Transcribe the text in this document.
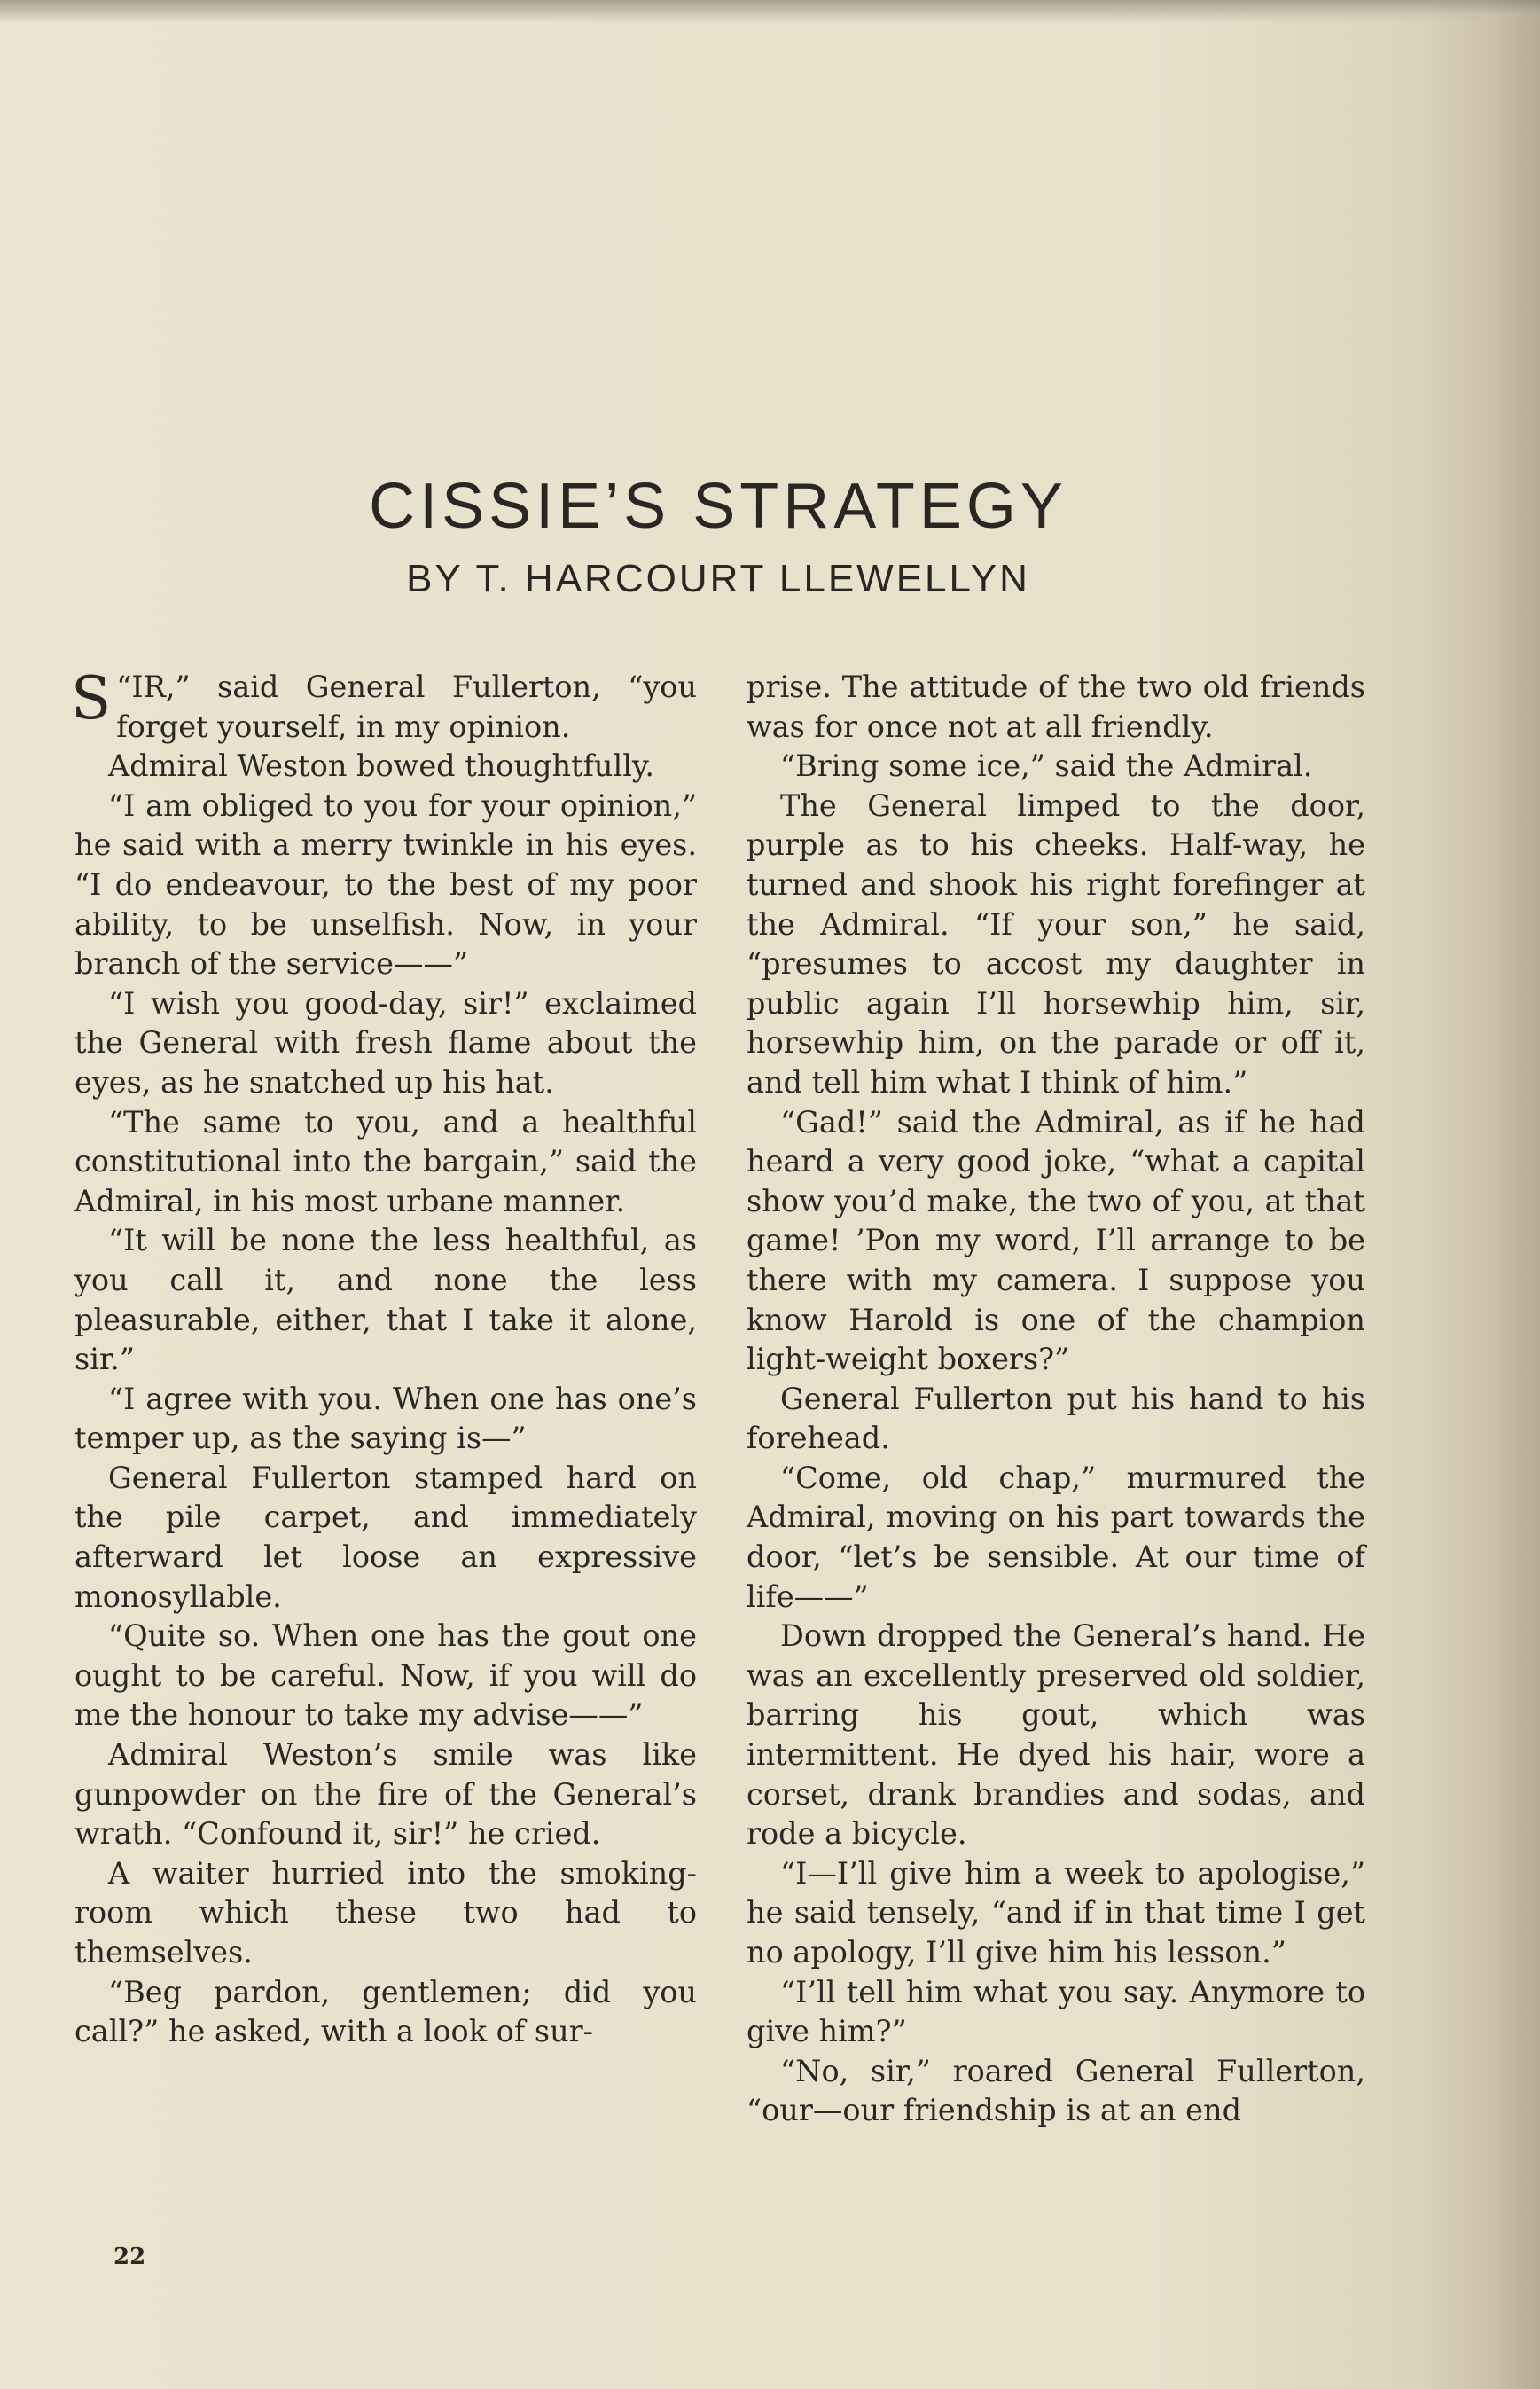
CISSIE’S STRATEGY
BY T. HARCOURT LLEWELLYN

“
S IR,” said General Fullerton, “you forget yourself, in my opinion.

Admiral Weston bowed thoughtfully.

“I am obliged to you for your opinion,” he said with a merry twinkle in his eyes. “I do endeavour, to the best of my poor ability, to be unselfish. Now, in your branch of the service——”

“I wish you good-day, sir!” exclaimed the General with fresh flame about the eyes, as he snatched up his hat.

“The same to you, and a healthful constitutional into the bargain,” said the Admiral, in his most urbane manner.

“It will be none the less healthful, as you call it, and none the less pleasurable, either, that I take it alone, sir.”

“I agree with you. When one has one’s temper up, as the saying is—”

General Fullerton stamped hard on the pile carpet, and immediately afterward let loose an expressive monosyllable.

“Quite so. When one has the gout one ought to be careful. Now, if you will do me the honour to take my advise——”

Admiral Weston’s smile was like gunpowder on the fire of the General’s wrath. “Confound it, sir!” he cried.

A waiter hurried into the smoking-room which these two had to themselves.

“Beg pardon, gentlemen; did you call?” he asked, with a look of sur-

prise. The attitude of the two old friends was for once not at all friendly.

“Bring some ice,” said the Admiral.

The General limped to the door, purple as to his cheeks. Half-way, he turned and shook his right forefinger at the Admiral. “If your son,” he said, “presumes to accost my daughter in public again I’ll horsewhip him, sir, horsewhip him, on the parade or off it, and tell him what I think of him.”

“Gad!” said the Admiral, as if he had heard a very good joke, “what a capital show you’d make, the two of you, at that game! ’Pon my word, I’ll arrange to be there with my camera. I suppose you know Harold is one of the champion light-weight boxers?”

General Fullerton put his hand to his forehead.

“Come, old chap,” murmured the Admiral, moving on his part towards the door, “let’s be sensible. At our time of life——”

Down dropped the General’s hand. He was an excellently preserved old soldier, barring his gout, which was intermittent. He dyed his hair, wore a corset, drank brandies and sodas, and rode a bicycle.

“I—I’ll give him a week to apologise,” he said tensely, “and if in that time I get no apology, I’ll give him his lesson.”

“I’ll tell him what you say. Anymore to give him?”

“No, sir,” roared General Fullerton, “our—our friendship is at an end

22
